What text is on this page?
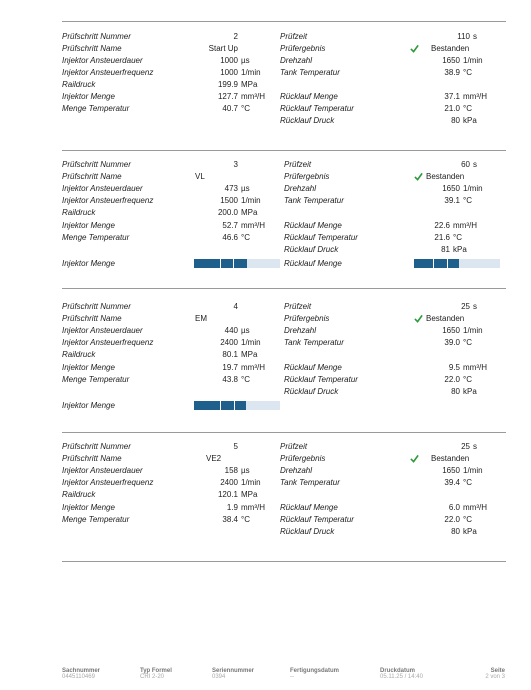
Prüfschritt Nummer	2	Prüfzeit	110 s
Prüfschritt Name	Start Up	Prüfergebnis	Bestanden
Injektor Ansteuerdauer	1000 µs	Drehzahl	1650 1/min
Injektor Ansteuerfrequenz	1000 1/min Tank Temperatur	38.9 °C
Raildruck	199.9 MPa
Injektor Menge	127.7 mm³/H Rücklauf Menge	37.1 mm³/H
Menge Temperatur	40.7 °C	Rücklauf Temperatur	21.0 °C
Rücklauf Druck	80 kPa
Prüfschritt Nummer	3	Prüfzeit	60 s
Prüfschritt Name	VL	Prüfergebnis	Bestanden
Injektor Ansteuerdauer	473 µs	Drehzahl	1650 1/min
Injektor Ansteuerfrequenz	1500 1/min	Tank Temperatur	39.1 °C
Raildruck	200.0 MPa
Injektor Menge	52.7 mm³/H Rücklauf Menge	22.6 mm³/H
Menge Temperatur	46.6 °C	Rücklauf Temperatur	21.6 °C
Rücklauf Druck	81 kPa
Injektor Menge	Rücklauf Menge
Prüfschritt Nummer	4	Prüfzeit	25 s
Prüfschritt Name	EM	Prüfergebnis	Bestanden
Injektor Ansteuerdauer	440 µs	Drehzahl	1650 1/min
Injektor Ansteuerfrequenz	2400 1/min	Tank Temperatur	39.0 °C
Raildruck	80.1 MPa
Injektor Menge	19.7 mm³/H Rücklauf Menge	9.5 mm³/H
Menge Temperatur	43.8 °C	Rücklauf Temperatur	22.0 °C
Rücklauf Druck	80 kPa
Injektor Menge
Prüfschritt Nummer	5	Prüfzeit	25 s
Prüfschritt Name	VE2	Prüfergebnis	Bestanden
Injektor Ansteuerdauer	158 µs	Drehzahl	1650 1/min
Injektor Ansteuerfrequenz	2400 1/min Tank Temperatur	39.4 °C
Raildruck	120.1 MPa
Injektor Menge	1.9 mm³/H Rücklauf Menge	6.0 mm³/H
Menge Temperatur	38.4 °C	Rücklauf Temperatur	22.0 °C
Rücklauf Druck	80 kPa
Sachnummer
0445110469
Typ Formel
CRI 2-20
Seriennummer
0394
Fertigungsdatum
--
Druckdatum
05.11.25 / 14:40
Seite
2 von 3
